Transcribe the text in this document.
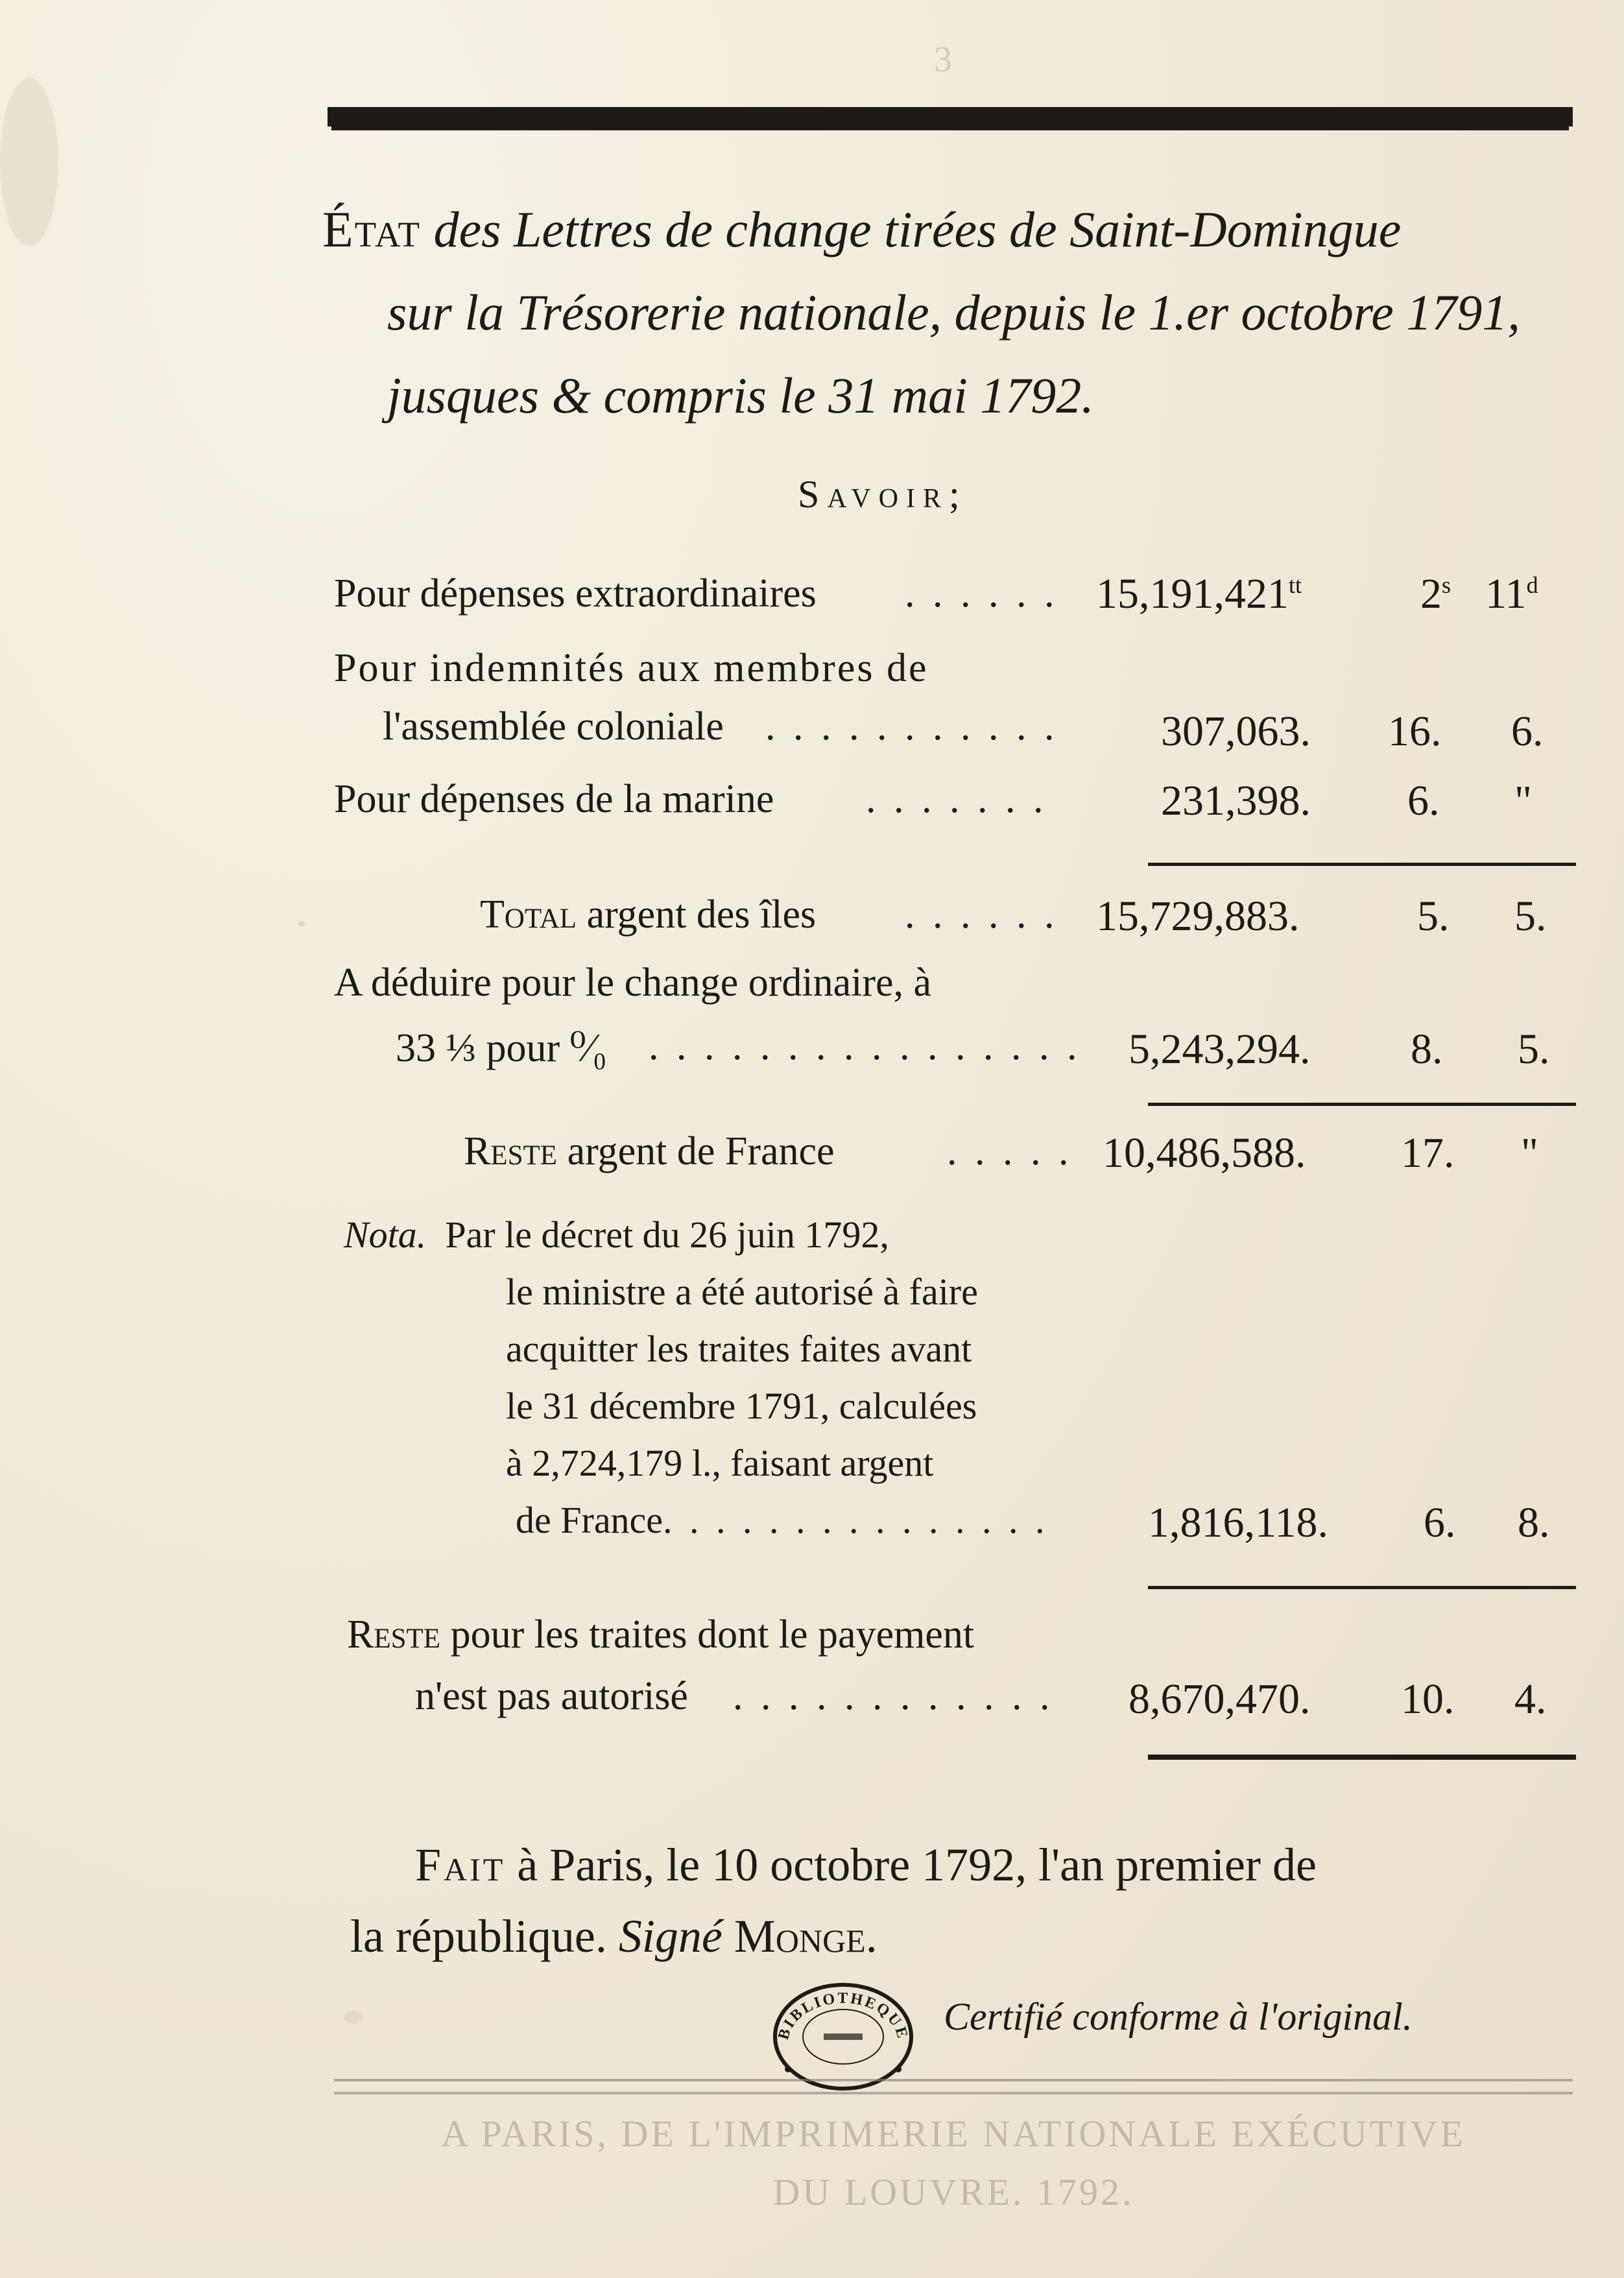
État des Lettres de change tirées de Saint-Domingue
sur la Trésorerie nationale, depuis le 1.er octobre 1791,
jusques & compris le 31 mai 1792.
Savoir;
Pour dépenses extraordinaires . . . . . . $15,191,421^{tt}$	2$^s$ 11$^d$
Pour indemnités aux membres de
l'assemblée coloniale . . . . . . . . . . . 307,063. 16. 6.
Pour dépenses de la marine . . . . . . .	231,398. 6. "
Total argent des îles . . . . . . 15,729,883.	5. 5.
A déduire pour le change ordinaire, à
33 ⅓ pour ⁰⁄₀ . . . . . . . . . . . . . . . . 5,243,294. 8. 5.
Reste argent de France	. . . . . 10,486,588. 17. "
Nota. Par le décret du 26 juin 1792,
le ministre a été autorisé à faire
acquitter les traites faites avant
le 31 décembre 1791, calculées
à 2,724,179 l., faisant argent
de France. . . . . . . . . . . . . . . 1,816,118. 6. 8.
Reste pour les traites dont le payement
n'est pas autorisé . . . . . . . . . . . . 8,670,470. 10. 4.
Fait à Paris, le 10 octobre 1792, l'an premier de
la république. Signé Monge.
BIBLIOTHEQUE Certifié conforme à l'original.
A PARIS, DE L'IMPRIMERIE NATIONALE EXÉCUTIVE
DU LOUVRE. 1792.
3
